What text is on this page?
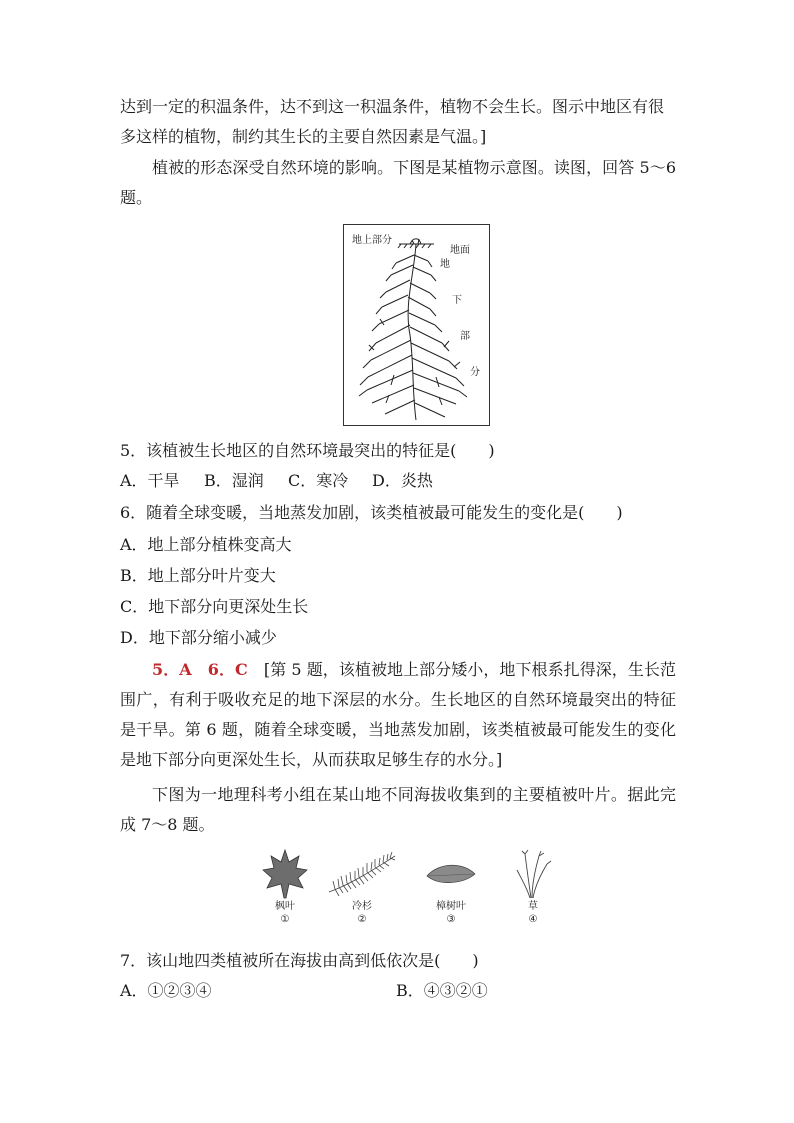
达到一定的积温条件，达不到这一积温条件，植物不会生长。图示中地区有很
多这样的植物，制约其生长的主要自然因素是气温。]
植被的形态深受自然环境的影响。下图是某植物示意图。读图，回答 5～6 题。
地上部分
地面
地
下
部
分
5．该植被生长地区的自然环境最突出的特征是(　　)
A．干旱 B．湿润 C．寒冷 D．炎热
6．随着全球变暖，当地蒸发加剧，该类植被最可能发生的变化是(　　)
A．地上部分植株变高大
B．地上部分叶片变大
C．地下部分向更深处生长
D．地下部分缩小减少
5．A　6．C　 [第 5 题，该植被地上部分矮小，地下根系扎得深，生长范围广，有利于吸收充足的地下深层的水分。生长地区的自然环境最突出的特征是干旱。第 6 题，随着全球变暖，当地蒸发加剧，该类植被最可能发生的变化是地下部分向更深处生长，从而获取足够生存的水分。]
下图为一地理科考小组在某山地不同海拔收集到的主要植被叶片。据此完成 7～8 题。
枫叶
①
冷杉
②
樟树叶
③
草
④
7．该山地四类植被所在海拔由高到低依次是(　　)
A．①②③④	B．④③②①
